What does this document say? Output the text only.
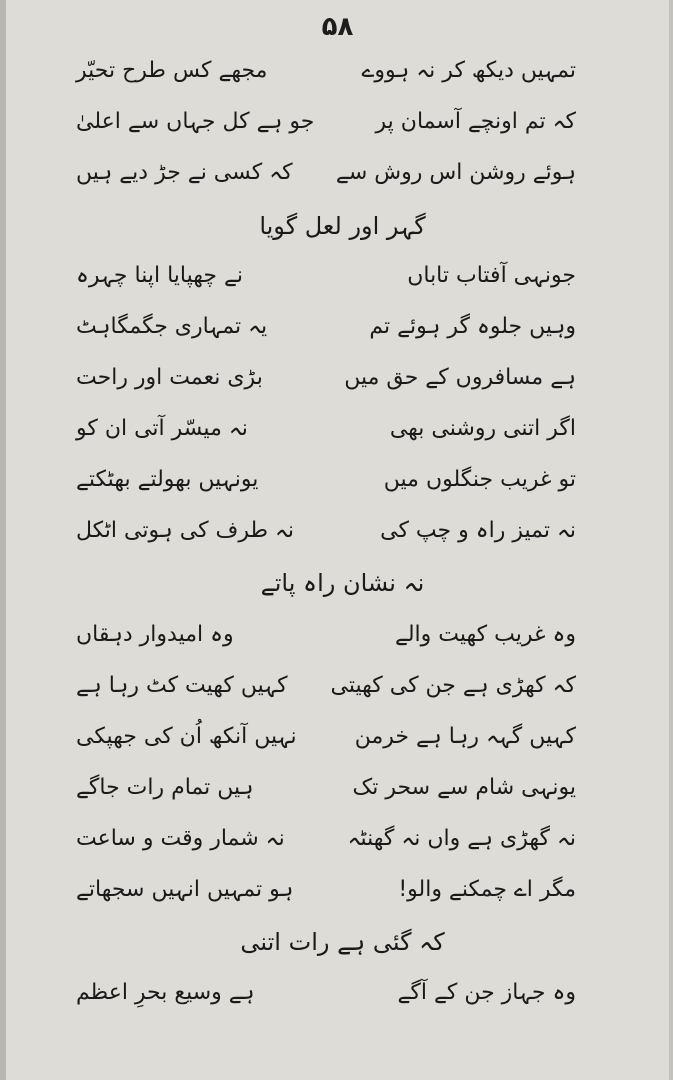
۵۸
تمہیں دیکھ کر نہ ہووے
مجھے کس طرح تحیّر
کہ تم اونچے آسمان پر
جو ہے کل جہاں سے اعلیٰ
ہوئے روشن اس روش سے
کہ کسی نے جڑ دیے ہیں
گہر اور لعل گویا
جونہی آفتاب تاباں
نے چھپایا اپنا چہرہ
وہیں جلوہ گر ہوئے تم
یہ تمہاری جگمگاہٹ
ہے مسافروں کے حق میں
بڑی نعمت اور راحت
اگر اتنی روشنی بھی
نہ میسّر آتی ان کو
تو غریب جنگلوں میں
یونہیں بھولتے بھٹکتے
نہ تمیز راہ و چپ کی
نہ طرف کی ہوتی اٹکل
نہ نشان راہ پاتے
وہ غریب کھیت والے
وہ امیدوار دہقاں
کہ کھڑی ہے جن کی کھیتی
کہیں کھیت کٹ رہا ہے
کہیں گہہ رہا ہے خرمن
نہیں آنکھ اُن کی جھپکی
یونہی شام سے سحر تک
ہیں تمام رات جاگے
نہ گھڑی ہے واں نہ گھنٹہ
نہ شمار وقت و ساعت
مگر اے چمکنے والو!
ہو تمہیں انہیں سجھاتے
کہ گئی ہے رات اتنی
وہ جہاز جن کے آگے
ہے وسیع بحرِ اعظم
